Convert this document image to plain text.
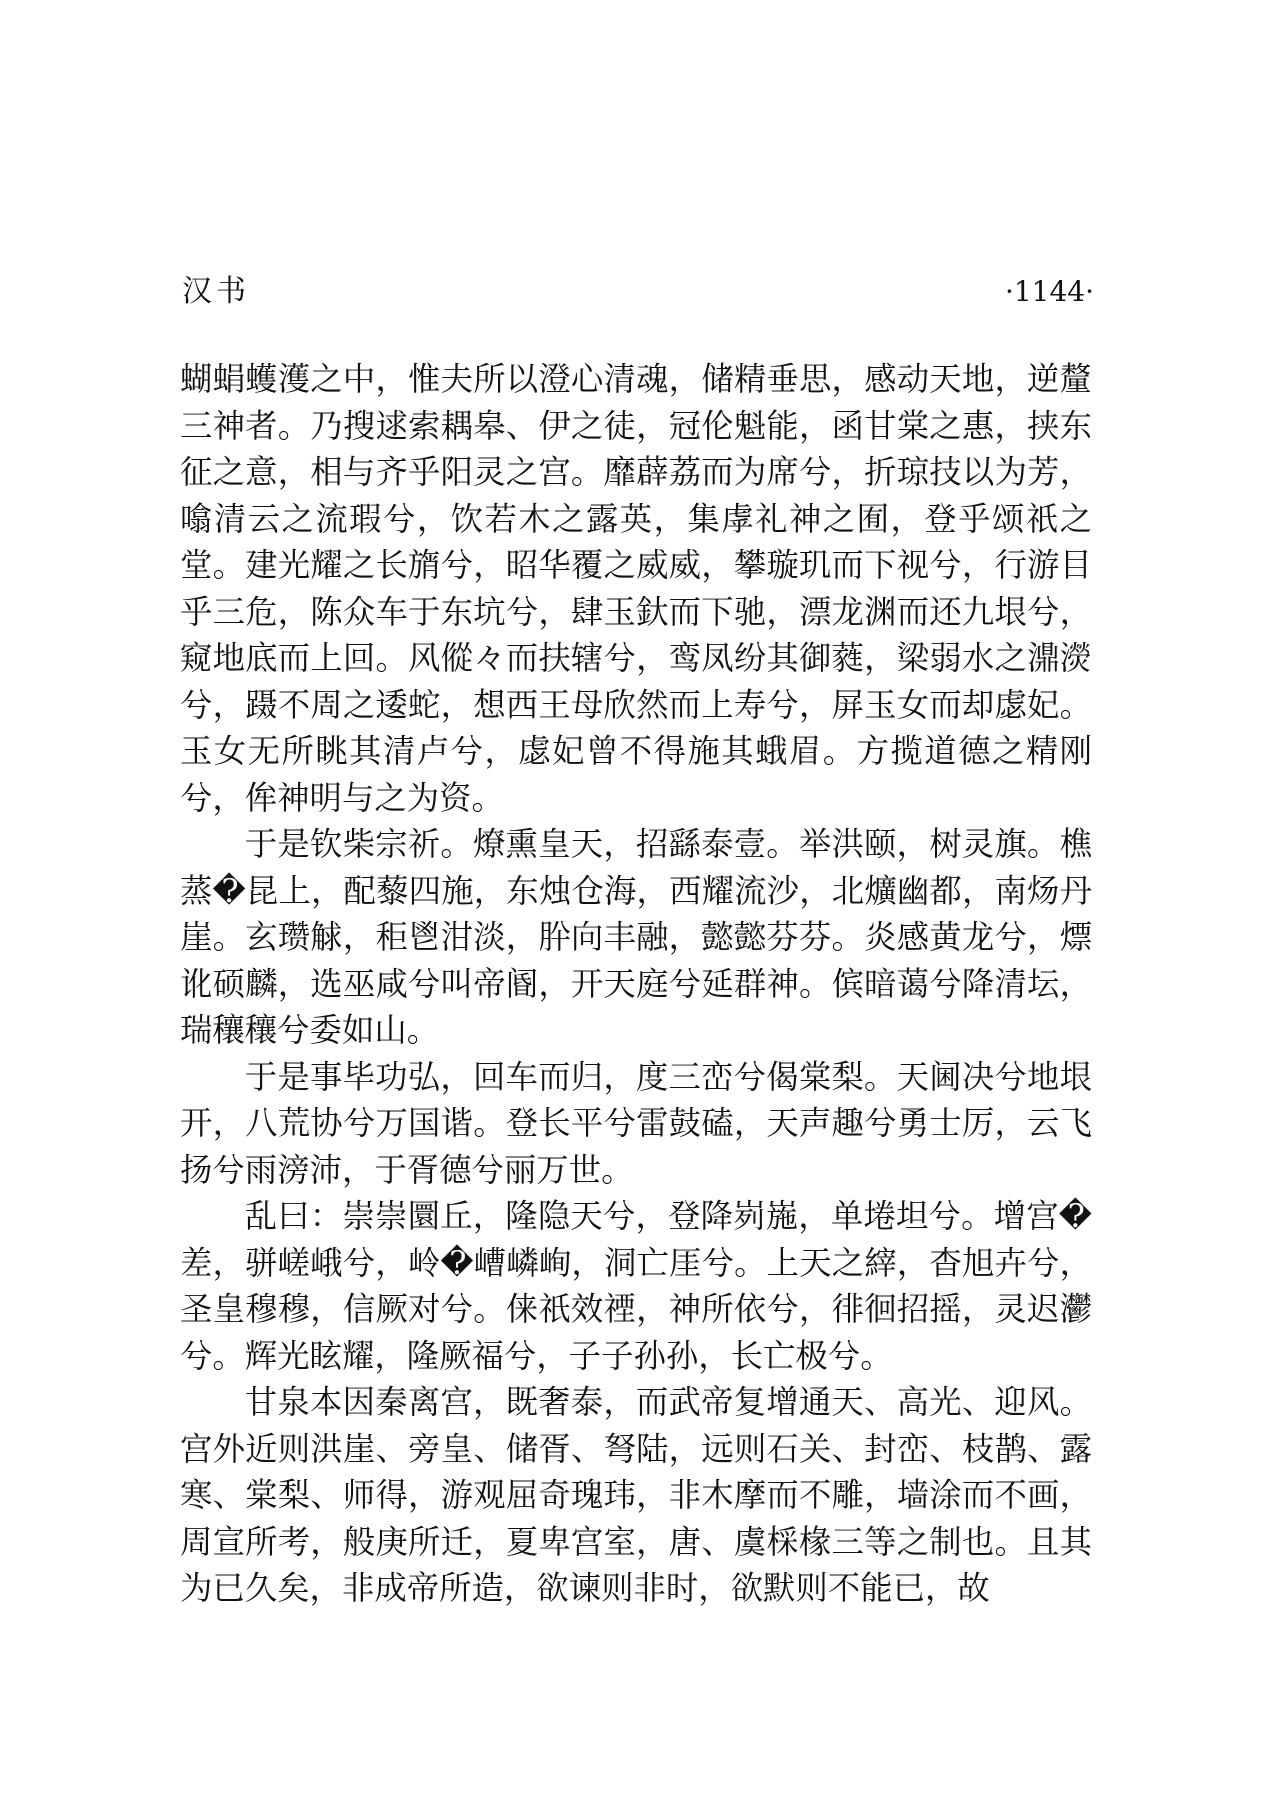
汉书	·1144·

蝴蜎蠖濩之中，惟夫所以澄心清魂，储精垂思，感动天地，逆釐三神者。乃搜逑索耦皋、伊之徒，冠伦魁能，函甘棠之惠，挟东征之意，相与齐乎阳灵之宫。靡薜荔而为席兮，折琼技以为芳，噏清云之流瑕兮，饮若木之露英，集虖礼神之囿，登乎颂祇之堂。建光耀之长旓兮，昭华覆之威威，攀璇玑而下视兮，行游目乎三危，陈众车于东坑兮，肆玉釱而下驰，漂龙渊而还九垠兮，窥地底而上回。风傱々而扶辖兮，鸾凤纷其御蕤，梁弱水之濎濙兮，蹑不周之逶蛇，想西王母欣然而上寿兮，屏玉女而却虙妃。玉女无所眺其清卢兮，虙妃曾不得施其蛾眉。方揽道德之精刚兮，侔神明与之为资。

于是钦柴宗祈。燎熏皇天，招繇泰壹。举洪颐，树灵旗。樵蒸�昆上，配藜四施，东烛仓海，西耀流沙，北爌幽都，南炀丹崖。玄瓒觩，秬鬯泔淡，肸向丰融，懿懿芬芬。炎感黄龙兮，熛讹硕麟，选巫咸兮叫帝阍，开天庭兮延群神。傧暗蔼兮降清坛，瑞穰穰兮委如山。

于是事毕功弘，回车而归，度三峦兮偈棠梨。天阃决兮地垠开，八荒协兮万国谐。登长平兮雷鼓磕，天声趣兮勇士厉，云飞扬兮雨滂沛，于胥德兮丽万世。

乱曰：崇崇圜丘，隆隐天兮，登降峛崺，单埢坦兮。增宫�差，骈嵯峨兮，岭�嶆嶙峋，洞亡厓兮。上天之縡，杳旭卉兮，圣皇穆穆，信厥对兮。俫祇效禋，神所依兮，徘徊招摇，灵迟灪兮。辉光眩耀，隆厥福兮，子子孙孙，长亡极兮。

甘泉本因秦离宫，既奢泰，而武帝复增通天、高光、迎风。宫外近则洪崖、旁皇、储胥、弩陆，远则石关、封峦、枝鹊、露寒、棠梨、师得，游观屈奇瑰玮，非木摩而不雕，墙涂而不画，周宣所考，般庚所迁，夏卑宫室，唐、虞棌椽三等之制也。且其为已久矣，非成帝所造，欲谏则非时，欲默则不能已，故
